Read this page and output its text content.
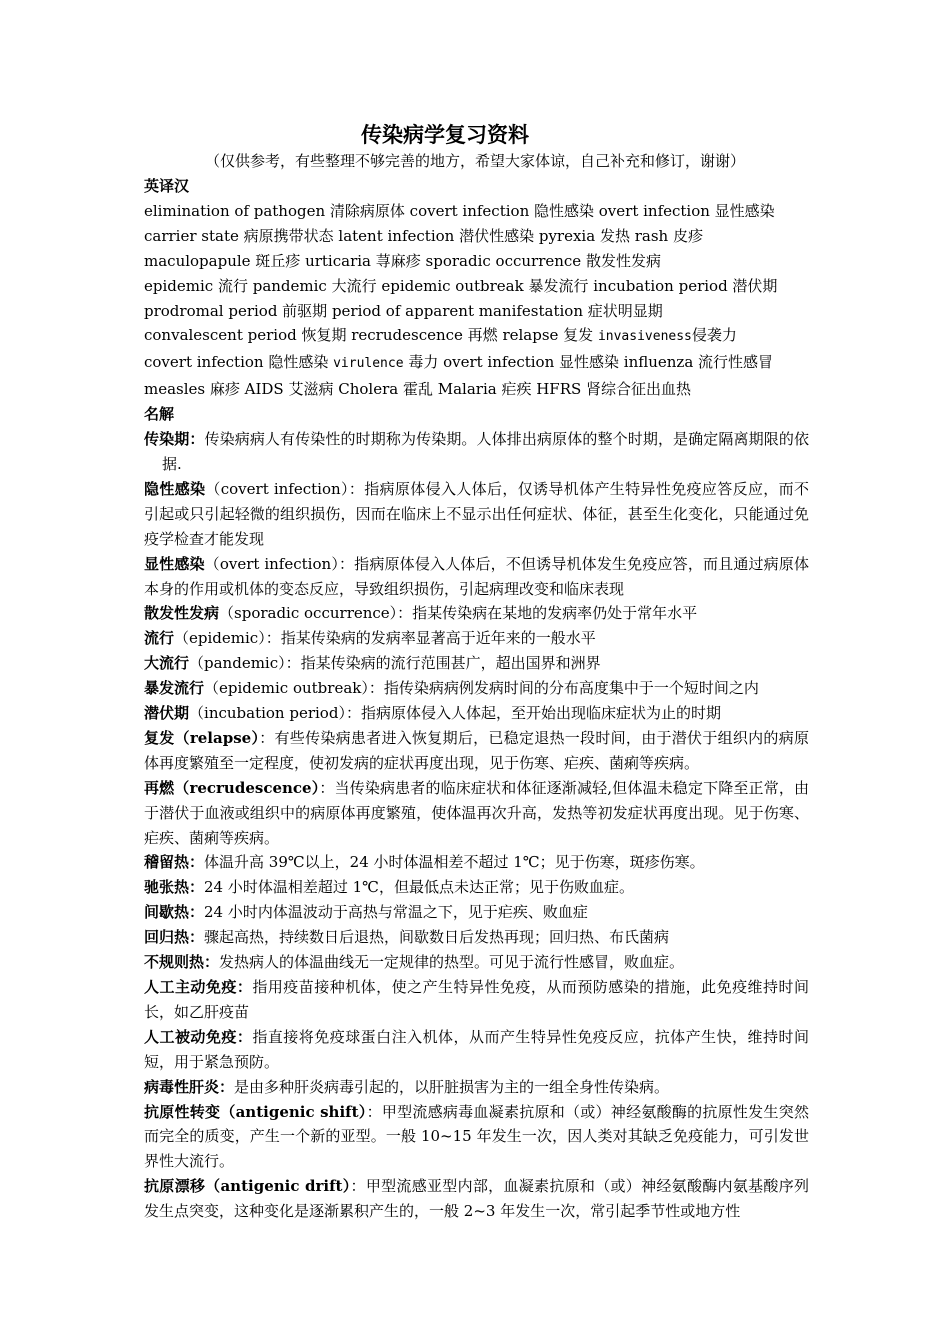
传染病学复习资料
（仅供参考，有些整理不够完善的地方，希望大家体谅，自己补充和修订，谢谢）

英译汉

elimination of pathogen 清除病原体 covert infection 隐性感染 overt infection 显性感染

carrier state 病原携带状态 latent infection 潜伏性感染 pyrexia 发热 rash 皮疹

maculopapule 斑丘疹 urticaria 荨麻疹 sporadic occurrence 散发性发病

epidemic 流行 pandemic 大流行 epidemic outbreak 暴发流行 incubation period 潜伏期

prodromal period 前驱期 period of apparent manifestation 症状明显期

convalescent period 恢复期 recrudescence 再燃 relapse 复发 invasiveness侵袭力

covert infection 隐性感染 virulence 毒力 overt infection 显性感染 influenza 流行性感冒

measles 麻疹 AIDS 艾滋病 Cholera 霍乱 Malaria 疟疾 HFRS 肾综合征出血热

名解

传染期：传染病病人有传染性的时期称为传染期。人体排出病原体的整个时期，是确定隔离期限的依据.

隐性感染（covert infection）：指病原体侵入人体后，仅诱导机体产生特异性免疫应答反应，而不引起或只引起轻微的组织损伤，因而在临床上不显示出任何症状、体征，甚至生化变化，只能通过免疫学检查才能发现

显性感染（overt infection）：指病原体侵入人体后，不但诱导机体发生免疫应答，而且通过病原体本身的作用或机体的变态反应，导致组织损伤，引起病理改变和临床表现

散发性发病（sporadic occurrence）：指某传染病在某地的发病率仍处于常年水平

流行（epidemic）：指某传染病的发病率显著高于近年来的一般水平

大流行（pandemic）：指某传染病的流行范围甚广，超出国界和洲界

暴发流行（epidemic outbreak）：指传染病病例发病时间的分布高度集中于一个短时间之内

潜伏期（incubation period）：指病原体侵入人体起，至开始出现临床症状为止的时期

复发（relapse）：有些传染病患者进入恢复期后，已稳定退热一段时间，由于潜伏于组织内的病原体再度繁殖至一定程度，使初发病的症状再度出现，见于伤寒、疟疾、菌痢等疾病。

再燃（recrudescence）：当传染病患者的临床症状和体征逐渐减轻,但体温未稳定下降至正常，由于潜伏于血液或组织中的病原体再度繁殖，使体温再次升高，发热等初发症状再度出现。见于伤寒、疟疾、菌痢等疾病。

稽留热：体温升高 39℃以上，24 小时体温相差不超过 1℃；见于伤寒，斑疹伤寒。

驰张热：24 小时体温相差超过 1℃，但最低点未达正常；见于伤败血症。

间歇热：24 小时内体温波动于高热与常温之下，见于疟疾、败血症

回归热：骤起高热，持续数日后退热，间歇数日后发热再现；回归热、布氏菌病

不规则热：发热病人的体温曲线无一定规律的热型。可见于流行性感冒，败血症。

人工主动免疫：指用疫苗接种机体，使之产生特异性免疫，从而预防感染的措施，此免疫维持时间长，如乙肝疫苗

人工被动免疫：指直接将免疫球蛋白注入机体，从而产生特异性免疫反应，抗体产生快，维持时间短，用于紧急预防。

病毒性肝炎：是由多种肝炎病毒引起的，以肝脏损害为主的一组全身性传染病。

抗原性转变（antigenic shift）：甲型流感病毒血凝素抗原和（或）神经氨酸酶的抗原性发生突然而完全的质变，产生一个新的亚型。一般 10~15 年发生一次，因人类对其缺乏免疫能力，可引发世界性大流行。

抗原漂移（antigenic drift）：甲型流感亚型内部，血凝素抗原和（或）神经氨酸酶内氨基酸序列发生点突变，这种变化是逐渐累积产生的，一般 2~3 年发生一次，常引起季节性或地方性
